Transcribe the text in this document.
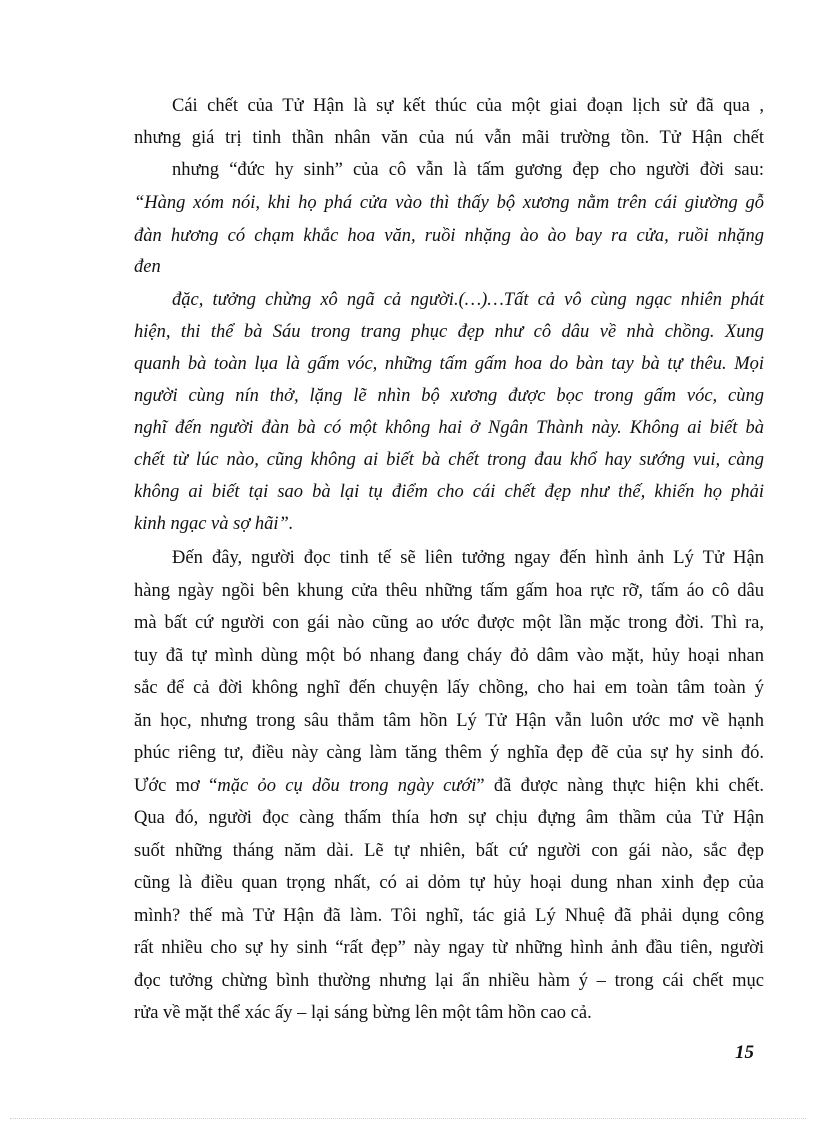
Cái chết của Tử Hận là sự kết thúc của một giai đoạn lịch sử đã qua ,
nhưng giá trị tinh thần nhân văn của nú vẫn mãi trường tồn. Tử Hận chết
nhưng “đức hy sinh” của cô vẫn là tấm gương đẹp cho người đời sau:
“Hàng xóm nói, khi họ phá cửa vào thì thấy bộ xương nằm trên cái giường gỗ
đàn hương có chạm khắc hoa văn, ruồi nhặng ào ào bay ra cửa, ruồi nhặng
đen
đặc, tưởng chừng xô ngã cả người.(…)…Tất cả vô cùng ngạc nhiên phát
hiện, thi thể bà Sáu trong trang phục đẹp như cô dâu về nhà chồng. Xung
quanh bà toàn lụa là gấm vóc, những tấm gấm hoa do bàn tay bà tự thêu. Mọi
người cùng nín thở, lặng lẽ nhìn bộ xương được bọc trong gấm vóc, cùng
nghĩ đến người đàn bà có một không hai ở Ngân Thành này. Không ai biết bà
chết từ lúc nào, cũng không ai biết bà chết trong đau khổ hay sướng vui, càng
không ai biết tại sao bà lại tụ điểm cho cái chết đẹp như thế, khiến họ phải
kinh ngạc và sợ hãi”.
Đến đây, người đọc tinh tế sẽ liên tưởng ngay đến hình ảnh Lý Tử Hận
hàng ngày ngồi bên khung cửa thêu những tấm gấm hoa rực rỡ, tấm áo cô dâu
mà bất cứ người con gái nào cũng ao ước được một lần mặc trong đời. Thì ra,
tuy đã tự mình dùng một bó nhang đang cháy đỏ dâm vào mặt, hủy hoại nhan
sắc để cả đời không nghĩ đến chuyện lấy chồng, cho hai em toàn tâm toàn ý
ăn học, nhưng trong sâu thẳm tâm hồn Lý Tử Hận vẫn luôn ước mơ về hạnh
phúc riêng tư, điều này càng làm tăng thêm ý nghĩa đẹp đẽ của sự hy sinh đó.
Ước mơ “mặc ỏo cụ dõu trong ngày cưới” đã được nàng thực hiện khi chết.
Qua đó, người đọc càng thấm thía hơn sự chịu đựng âm thầm của Tử Hận
suốt những tháng năm dài. Lẽ tự nhiên, bất cứ người con gái nào, sắc đẹp
cũng là điều quan trọng nhất, có ai dỏm tự hủy hoại dung nhan xinh đẹp của
mình? thế mà Tử Hận đã làm. Tôi nghĩ, tác giả Lý Nhuệ đã phải dụng công
rất nhiều cho sự hy sinh “rất đẹp” này ngay từ những hình ảnh đầu tiên, người
đọc tưởng chừng bình thường nhưng lại ẩn nhiều hàm ý – trong cái chết mục
rửa về mặt thể xác ấy – lại sáng bừng lên một tâm hồn cao cả.
15
